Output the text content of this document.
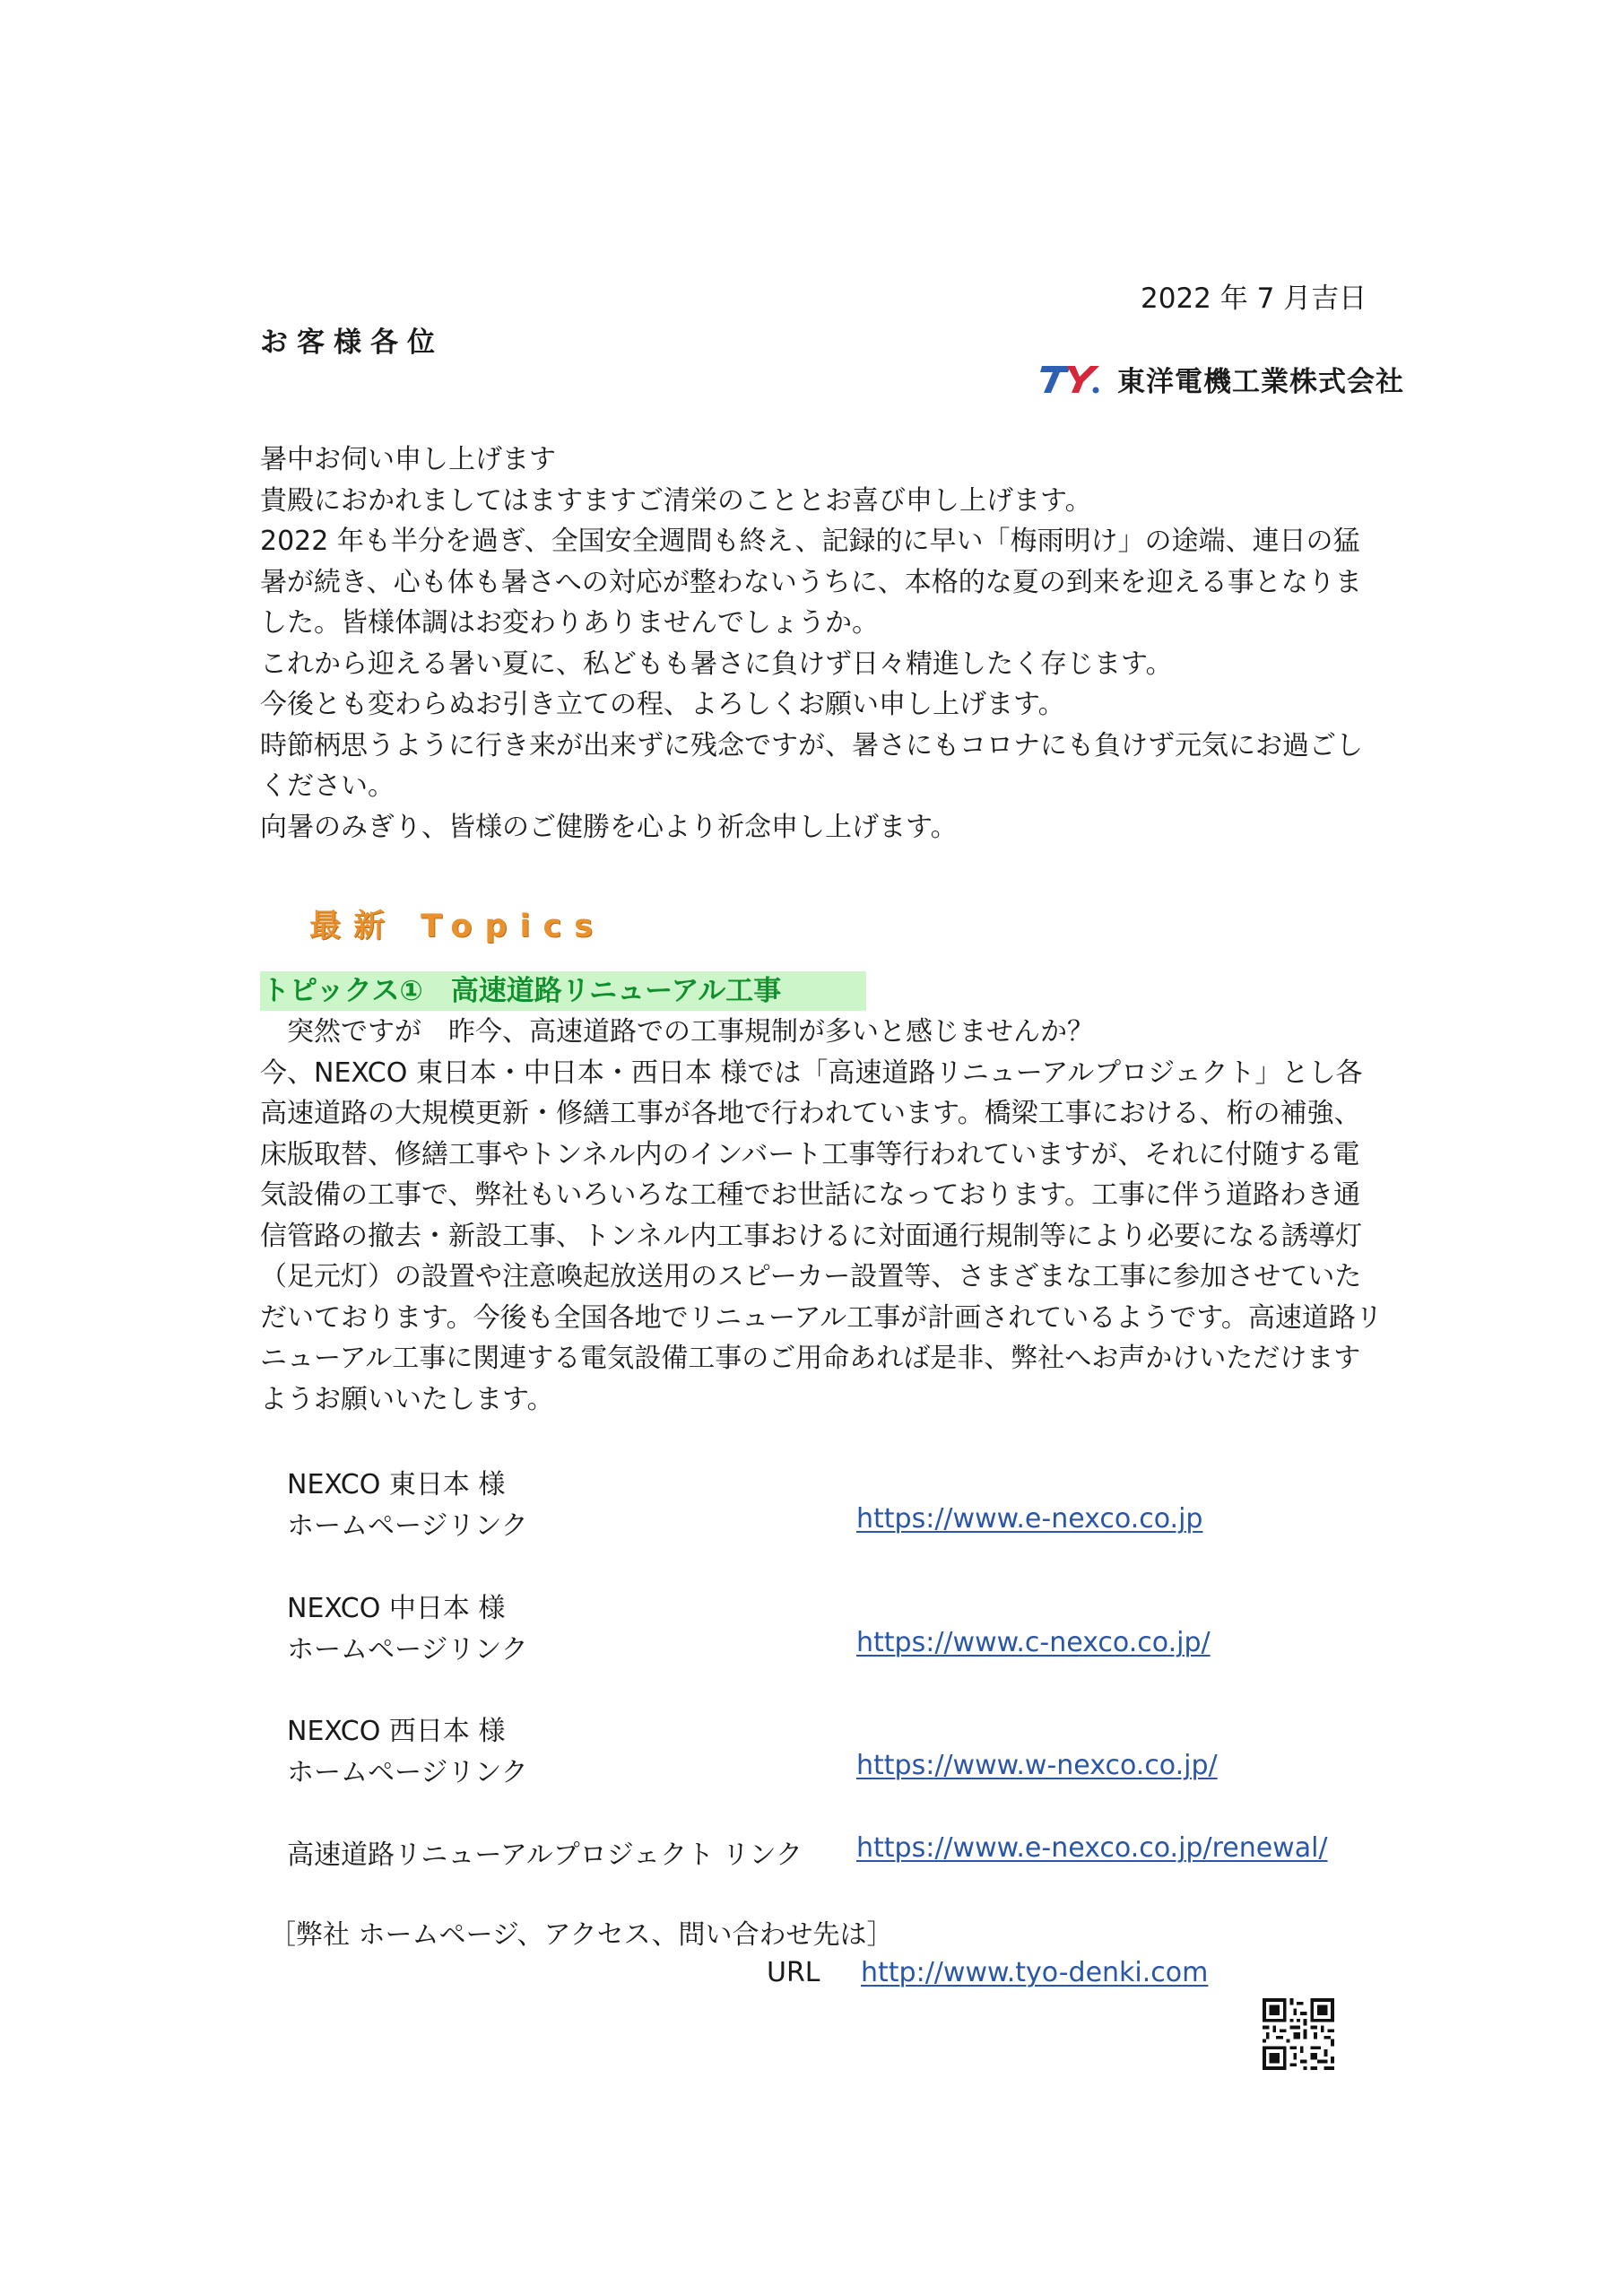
2022 年 7 月吉日
お客様各位
東洋電機工業株式会社

暑中お伺い申し上げます

貴殿におかれましてはますますご清栄のこととお喜び申し上げます。

2022 年も半分を過ぎ、全国安全週間も終え、記録的に早い「梅雨明け」の途端、連日の猛暑が続き、心も体も暑さへの対応が整わないうちに、本格的な夏の到来を迎える事となりました。皆様体調はお変わりありませんでしょうか。

これから迎える暑い夏に、私どもも暑さに負けず日々精進したく存じます。

今後とも変わらぬお引き立ての程、よろしくお願い申し上げます。

時節柄思うように行き来が出来ずに残念ですが、暑さにもコロナにも負けず元気にお過ごしください。

向暑のみぎり、皆様のご健勝を心より祈念申し上げます。

最新 Topics
トピックス①　高速道路リニューアル工事

突然ですが　昨今、高速道路での工事規制が多いと感じませんか？

今、NEXCO 東日本・中日本・西日本 様では「高速道路リニューアルプロジェクト」とし各高速道路の大規模更新・修繕工事が各地で行われています。橋梁工事における、桁の補強、床版取替、修繕工事やトンネル内のインバート工事等行われていますが、それに付随する電気設備の工事で、弊社もいろいろな工種でお世話になっております。工事に伴う道路わき通信管路の撤去・新設工事、トンネル内工事おけるに対面通行規制等により必要になる誘導灯（足元灯）の設置や注意喚起放送用のスピーカー設置等、さまざまな工事に参加させていただいております。今後も全国各地でリニューアル工事が計画されているようです。高速道路リニューアル工事に関連する電気設備工事のご用命あれば是非、弊社へお声かけいただけますようお願いいたします。

NEXCO 東日本 様
ホームページリンク	https://www.e-nexco.co.jp
NEXCO 中日本 様
ホームページリンク	https://www.c-nexco.co.jp/
NEXCO 西日本 様
ホームページリンク	https://www.w-nexco.co.jp/
高速道路リニューアルプロジェクト リンク https://www.e-nexco.co.jp/renewal/
［弊社 ホームページ、アクセス、問い合わせ先は］
URL http://www.tyo-denki.com
